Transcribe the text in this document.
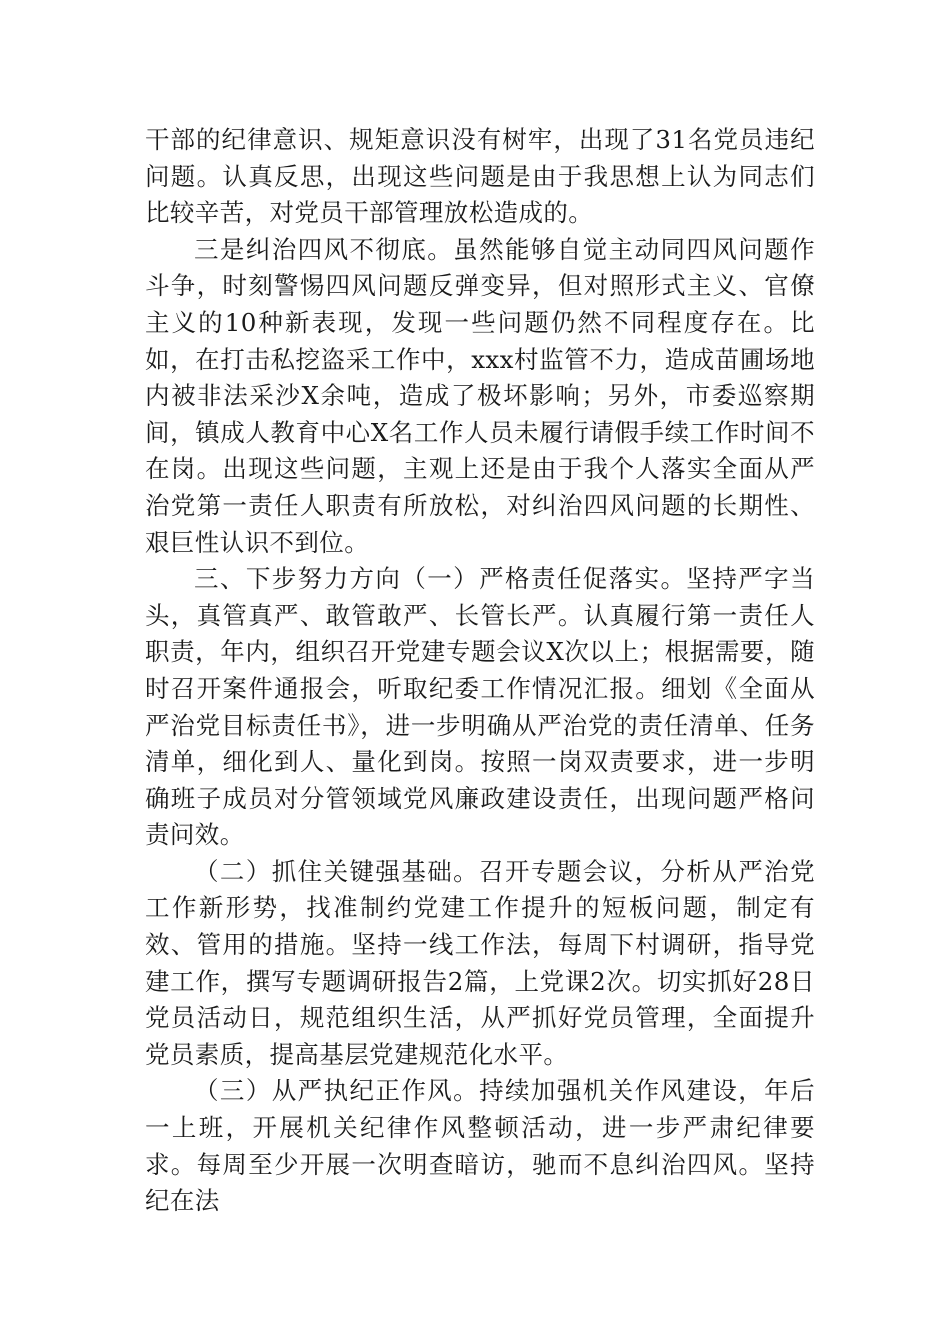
干部的纪律意识、规矩意识没有树牢，出现了31名党员违纪问题。认真反思，出现这些问题是由于我思想上认为同志们比较辛苦，对党员干部管理放松造成的。

三是纠治四风不彻底。虽然能够自觉主动同四风问题作斗争，时刻警惕四风问题反弹变异，但对照形式主义、官僚主义的10种新表现，发现一些问题仍然不同程度存在。比如，在打击私挖盗采工作中，xxx村监管不力，造成苗圃场地内被非法采沙X余吨，造成了极坏影响；另外，市委巡察期间，镇成人教育中心X名工作人员未履行请假手续工作时间不在岗。出现这些问题，主观上还是由于我个人落实全面从严治党第一责任人职责有所放松，对纠治四风问题的长期性、艰巨性认识不到位。

三、下步努力方向（一）严格责任促落实。坚持严字当头，真管真严、敢管敢严、长管长严。认真履行第一责任人职责，年内，组织召开党建专题会议X次以上；根据需要，随时召开案件通报会，听取纪委工作情况汇报。细划《全面从严治党目标责任书》，进一步明确从严治党的责任清单、任务清单，细化到人、量化到岗。按照一岗双责要求，进一步明确班子成员对分管领域党风廉政建设责任，出现问题严格问责问效。

（二）抓住关键强基础。召开专题会议，分析从严治党工作新形势，找准制约党建工作提升的短板问题，制定有效、管用的措施。坚持一线工作法，每周下村调研，指导党建工作，撰写专题调研报告2篇，上党课2次。切实抓好28日党员活动日，规范组织生活，从严抓好党员管理，全面提升党员素质，提高基层党建规范化水平。

（三）从严执纪正作风。持续加强机关作风建设，年后一上班，开展机关纪律作风整顿活动，进一步严肃纪律要求。每周至少开展一次明查暗访，驰而不息纠治四风。坚持纪在法
